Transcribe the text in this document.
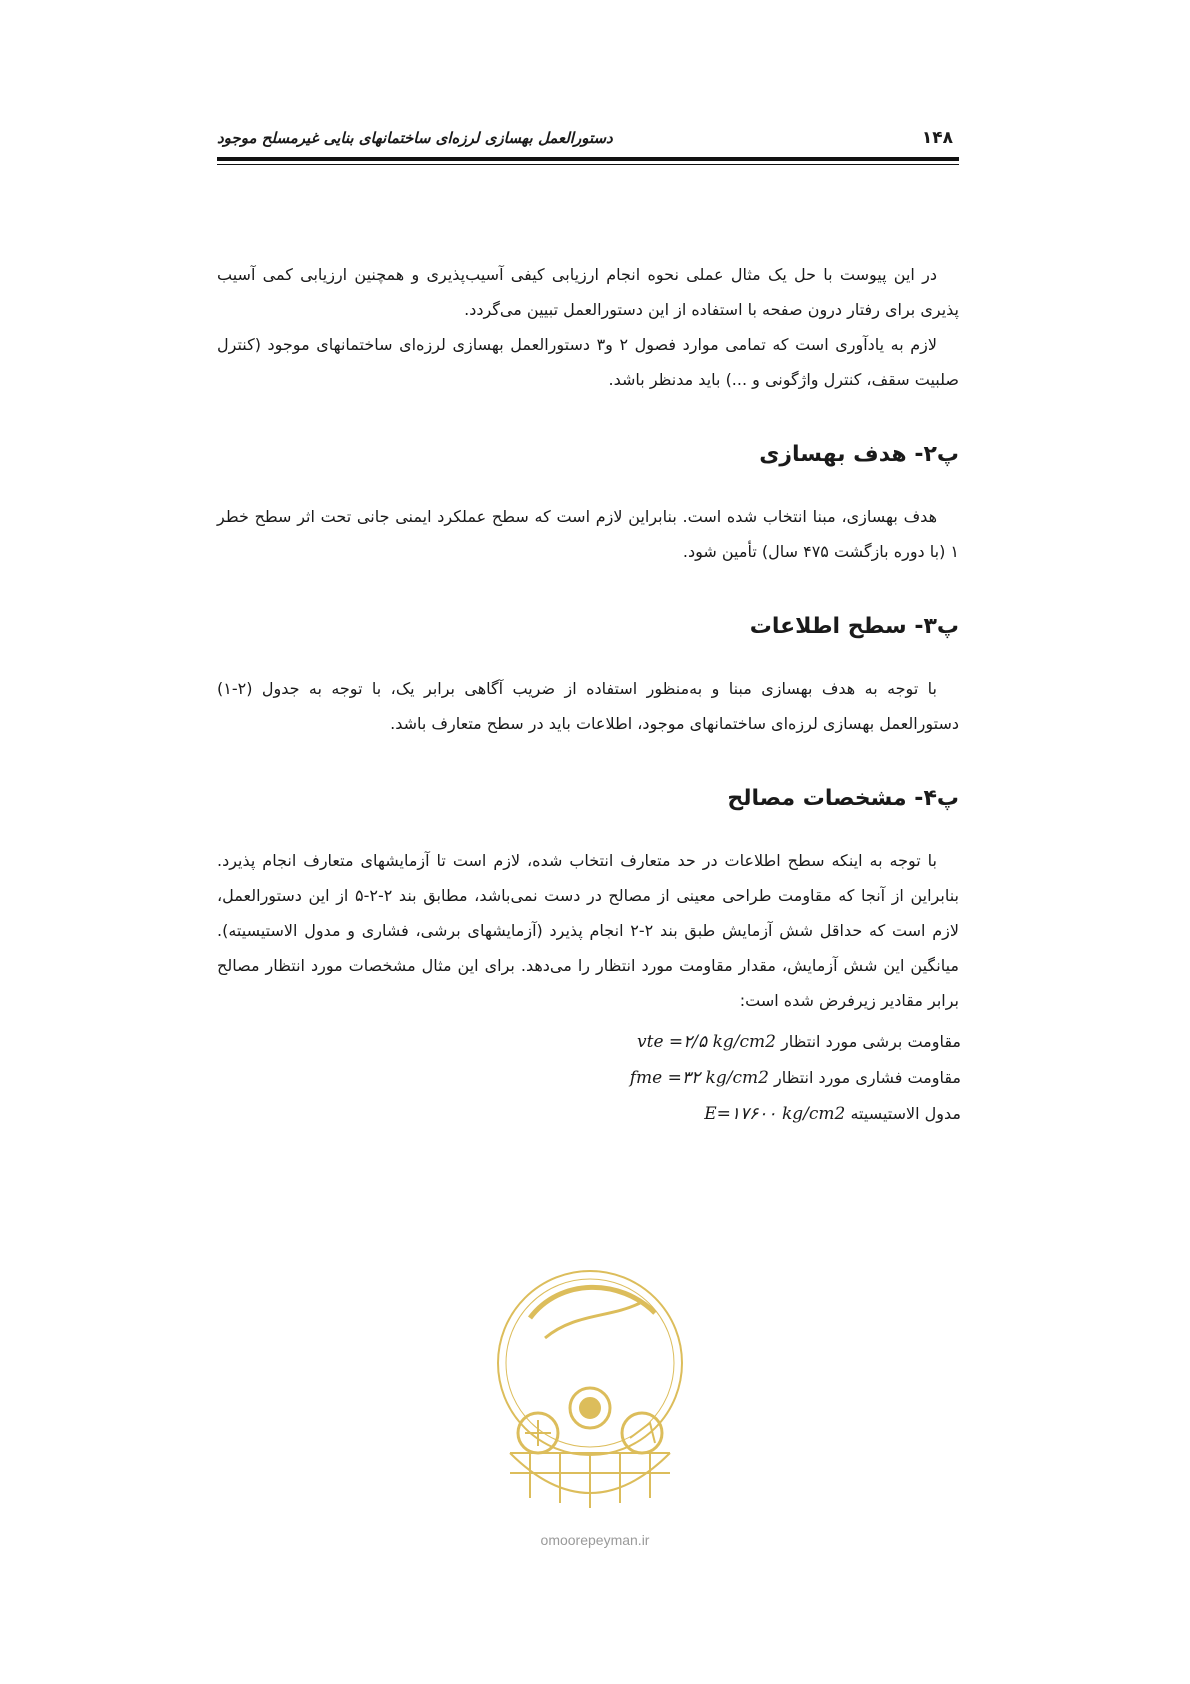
۱۴۸
دستورالعمل بهسازی لرزه‌ای ساختمانهای بنایی غیرمسلح موجود

در این پیوست با حل یک مثال عملی نحوه انجام ارزیابی کیفی آسیب‌پذیری و همچنین ارزیابی کمی آسیب پذیری برای رفتار درون صفحه با استفاده از این دستورالعمل تبیین می‌گردد.

لازم به یادآوری است که تمامی موارد فصول ۲ و۳ دستورالعمل بهسازی لرزه‌ای ساختمانهای موجود (کنترل صلبیت سقف، کنترل واژگونی و ...) باید مدنظر باشد.

پ۲- هدف بهسازی

هدف بهسازی، مبنا انتخاب شده است. بنابراین لازم است که سطح عملکرد ایمنی جانی تحت اثر سطح خطر ۱ (با دوره بازگشت ۴۷۵ سال) تأمین شود.

پ۳- سطح اطلاعات

با توجه به هدف بهسازی مبنا و به‌منظور استفاده از ضریب آگاهی برابر یک، با توجه به جدول (۲-۱) دستورالعمل بهسازی لرزه‌ای ساختمانهای موجود، اطلاعات باید در سطح متعارف باشد.

پ۴- مشخصات مصالح

با توجه به اینکه سطح اطلاعات در حد متعارف انتخاب شده، لازم است تا آزمایشهای متعارف انجام پذیرد. بنابراین از آنجا که مقاومت طراحی معینی از مصالح در دست نمی‌باشد، مطابق بند ۲-۲-۵ از این دستورالعمل، لازم است که حداقل شش آزمایش طبق بند ۲-۲ انجام پذیرد (آزمایشهای برشی، فشاری و مدول الاستیسیته). میانگین این شش آزمایش، مقدار مقاومت مورد انتظار را می‌دهد. برای این مثال مشخصات مورد انتظار مصالح برابر مقادیر زیرفرض شده است:

مقاومت برشی مورد انتظار vte =۲/۵ kg/cm2
مقاومت فشاری مورد انتظار fme =۳۲ kg/cm2
مدول الاستیسیته E=۱۷۶۰۰ kg/cm2
omoorepeyman.ir
